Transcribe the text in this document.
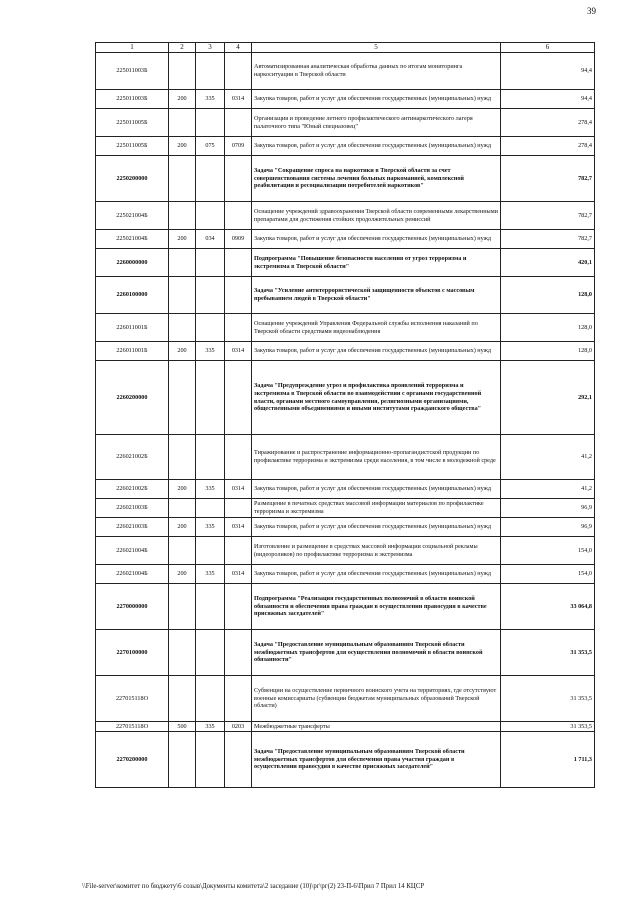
39
1	2	3	4	5	6
225011003Б				Автоматизированная аналитическая обработка данных по итогам мониторинга наркоситуации в Тверской области	94,4
225011003Б	200	335	0314	Закупка товаров, работ и услуг для обеспечения государственных (муниципальных) нужд	94,4
225011005Б				Организация и проведение летнего профилактического антинаркотического лагеря палаточного типа "Юный спецназовец"	278,4
225011005Б	200	075	0709	Закупка товаров, работ и услуг для обеспечения государственных (муниципальных) нужд	278,4
2250200000				Задача "Сокращение спроса на наркотики в Тверской области за счет совершенствования системы лечения больных наркоманией, комплексной реабилитации и ресоциализации потребителей наркотиков"	782,7
225021004Б				Оснащение учреждений здравоохранения Тверской области современными лекарственными препаратами для достижения стойких продолжительных ремиссий	782,7
225021004Б	200	034	0909	Закупка товаров, работ и услуг для обеспечения государственных (муниципальных) нужд	782,7
2260000000				Подпрограмма "Повышение безопасности населения от угроз терроризма и экстремизма в Тверской области"	420,1
2260100000				Задача "Усиление антитеррористической защищенности объектов с массовым пребыванием людей в Тверской области"	128,0
226011001Б				Оснащение учреждений Управления Федеральной службы исполнения наказаний по Тверской области средствами видеонаблюдения	128,0
226011001Б	200	335	0314	Закупка товаров, работ и услуг для обеспечения государственных (муниципальных) нужд	128,0
2260200000				Задача "Предупреждение угроз и профилактика проявлений терроризма и экстремизма в Тверской области во взаимодействии с органами государственной власти, органами местного самоуправления, религиозными организациями, общественными объединениями и иными институтами гражданского общества"	292,1
226021002Б				Тиражирование и распространение информационно-пропагандистской продукции по профилактике терроризма и экстремизма среди населения, в том числе в молодежной среде	41,2
226021002Б	200	335	0314	Закупка товаров, работ и услуг для обеспечения государственных (муниципальных) нужд	41,2
226021003Б				Размещение в печатных средствах массовой информации материалов по профилактике терроризма и экстремизма	96,9
226021003Б	200	335	0314	Закупка товаров, работ и услуг для обеспечения государственных (муниципальных) нужд	96,9
226021004Б				Изготовление и размещение в средствах массовой информации социальной рекламы (видеороликов) по профилактике терроризма и экстремизма	154,0
226021004Б	200	335	0314	Закупка товаров, работ и услуг для обеспечения государственных (муниципальных) нужд	154,0
2270000000				Подпрограмма "Реализация государственных полномочий в области воинской обязанности и обеспечения права граждан в осуществлении правосудия в качестве присяжных заседателей"	33 064,8
2270100000				Задача "Предоставление муниципальным образованиям Тверской области межбюджетных трансфертов для осуществления полномочий в области воинской обязанности"	31 353,5
227015118О				Субвенции на осуществление первичного воинского учета на территориях, где отсутствуют военные комиссариаты (субвенции бюджетам муниципальных образований Тверской области)	31 353,5
227015118О	500	335	0203	Межбюджетные трансферты	31 353,5
2270200000				Задача "Предоставление муниципальным образованиям Тверской области межбюджетных трансфертов для обеспечения права участия граждан в осуществлении правосудия в качестве присяжных заседателей"	1 711,3
\\File-server\комитет по бюджету\6 созыв\Документы комитета\2 заседание (10)\рг\рг(2) 23-П-6\Прил 7 Прил 14 КЦСР
